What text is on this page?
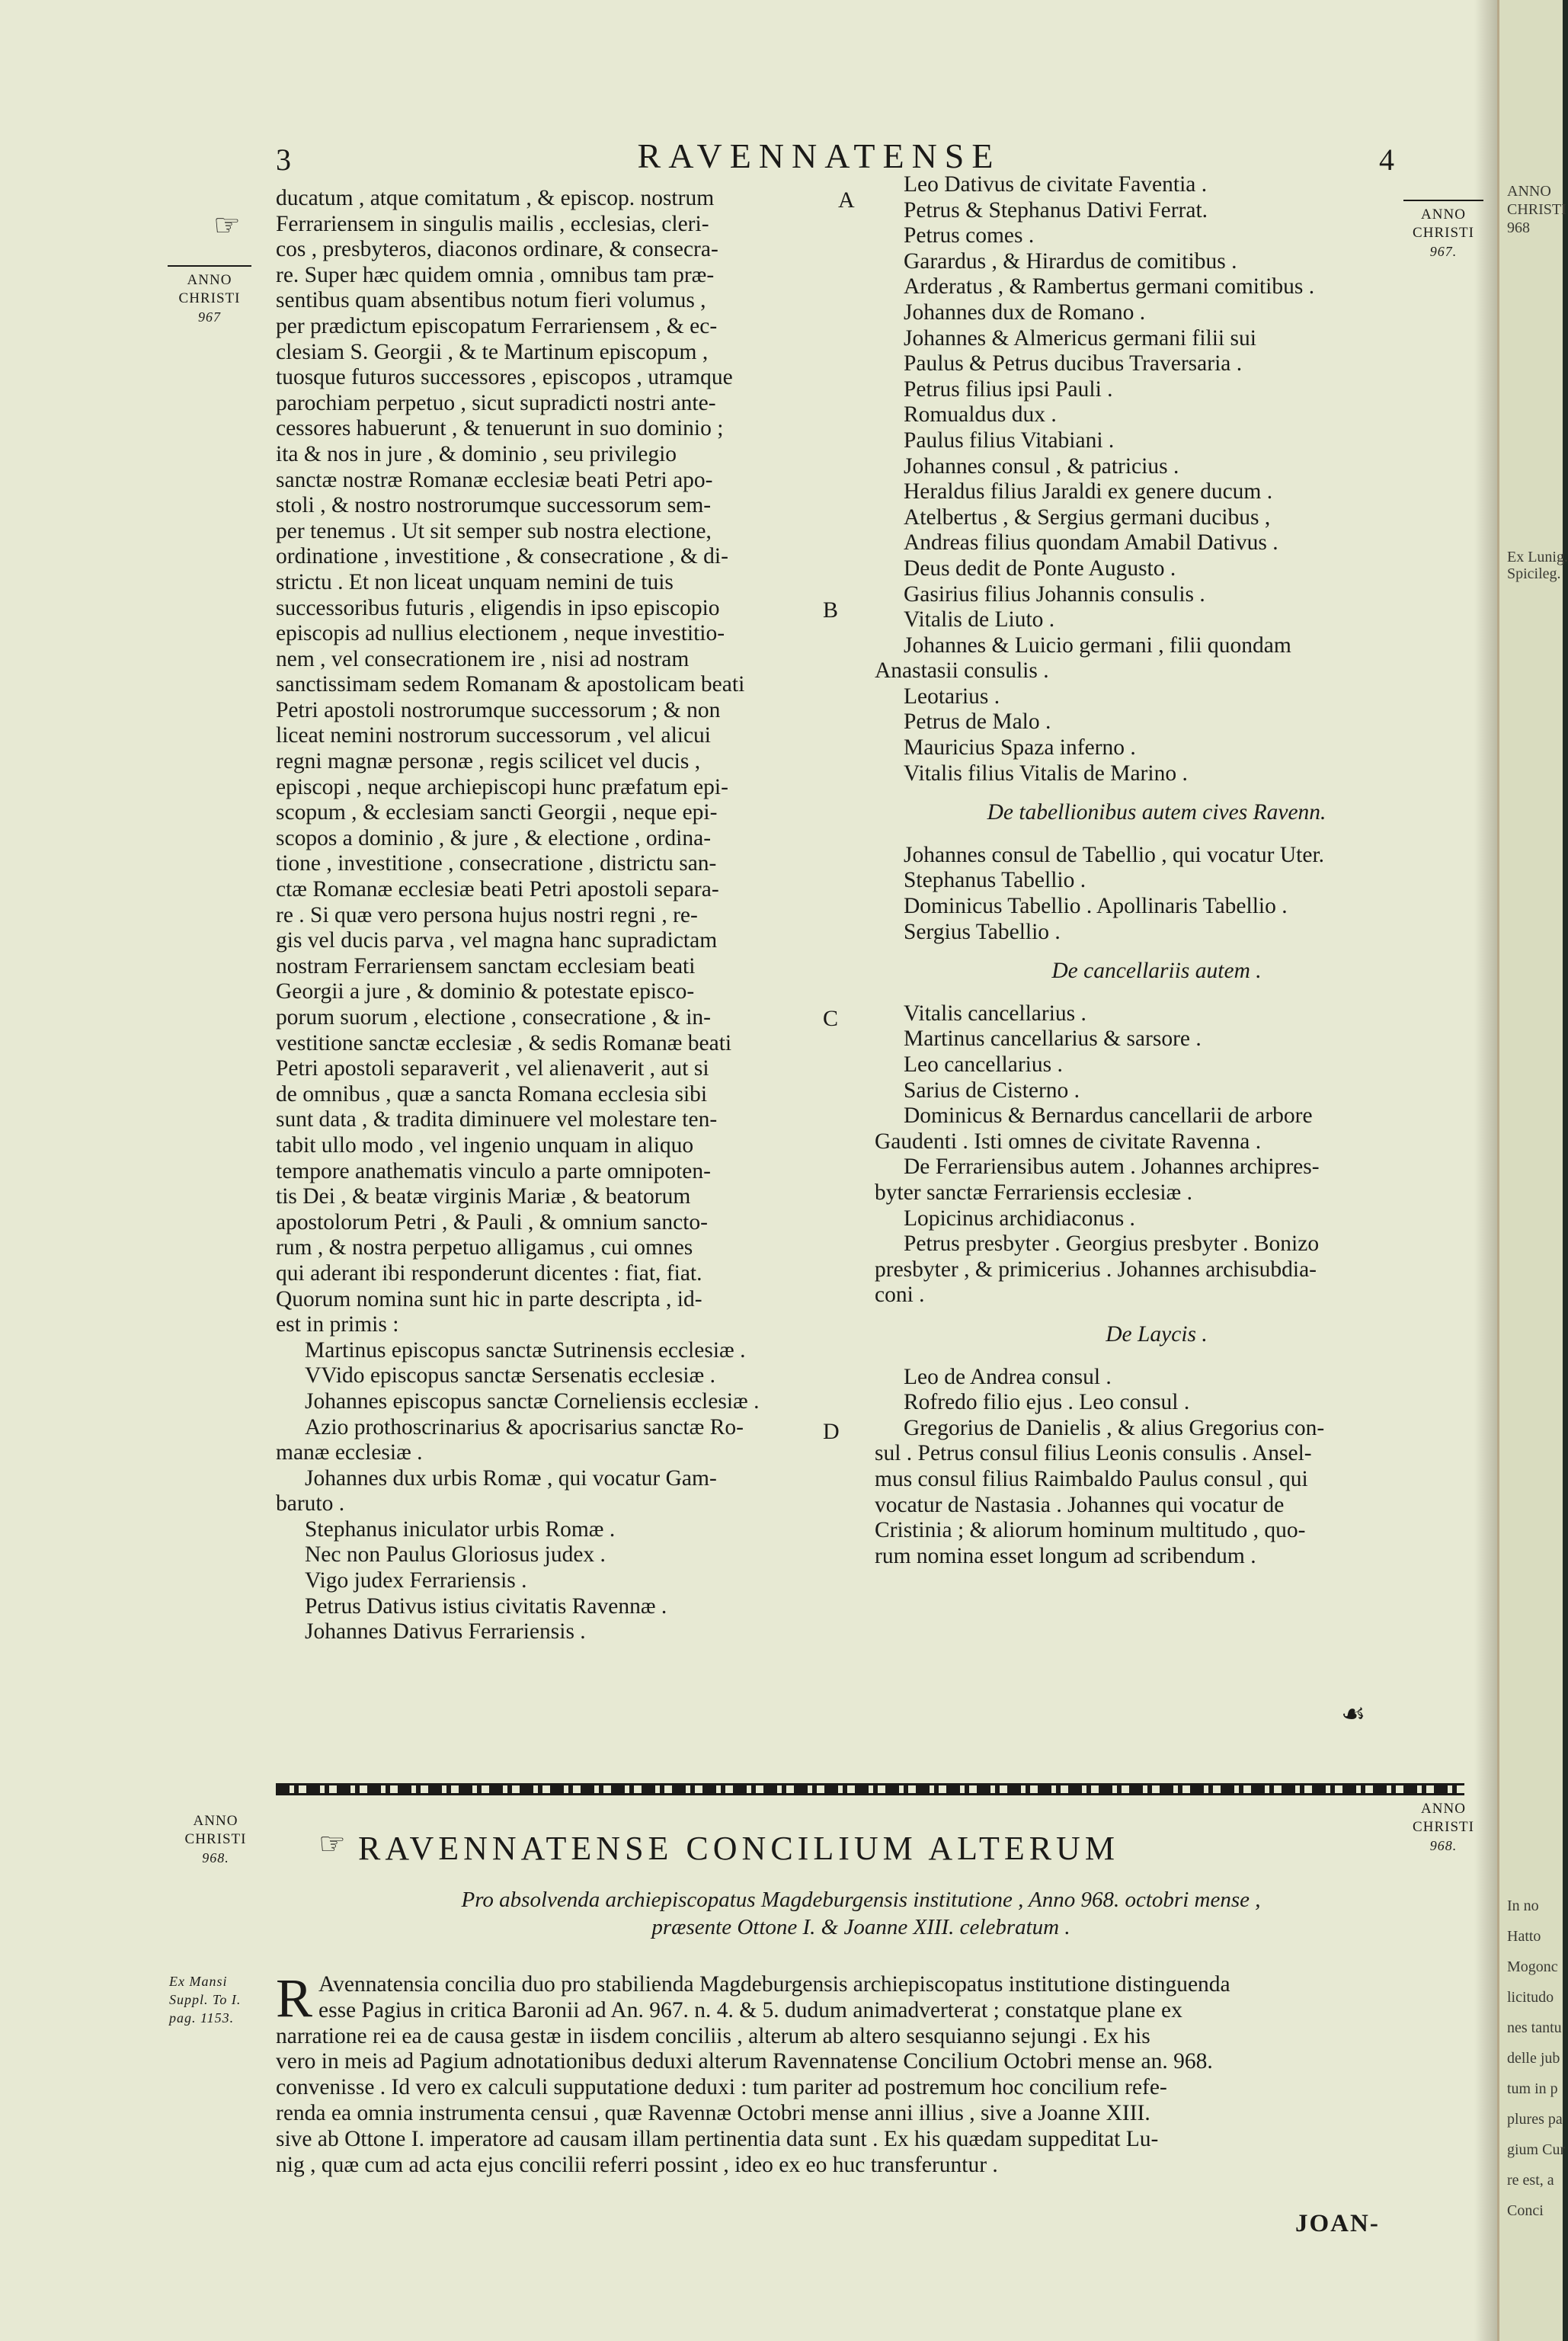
3	RAVENNATENSE	4
☞
☙
☞
ANNO
CHRISTI
967
ANNO
CHRISTI
967.

ducatum , atque comitatum , & episcop. nostrum

Ferrariensem in singulis mailis , ecclesias, cleri-

cos , presbyteros, diaconos ordinare, & consecra-

re. Super hæc quidem omnia , omnibus tam præ-

sentibus quam absentibus notum fieri volumus ,

per prædictum episcopatum Ferrariensem , & ec-

clesiam S. Georgii , & te Martinum episcopum ,

tuosque futuros successores , episcopos , utramque

parochiam perpetuo , sicut supradicti nostri ante-

cessores habuerunt , & tenuerunt in suo dominio ;

ita & nos in jure , & dominio , seu privilegio

sanctæ nostræ Romanæ ecclesiæ beati Petri apo-

stoli , & nostro nostrorumque successorum sem-

per tenemus . Ut sit semper sub nostra electione,

ordinatione , investitione , & consecratione , & di-

strictu . Et non liceat unquam nemini de tuis

successoribus futuris , eligendis in ipso episcopio

episcopis ad nullius electionem , neque investitio-

nem , vel consecrationem ire , nisi ad nostram

sanctissimam sedem Romanam & apostolicam beati

Petri apostoli nostrorumque successorum ; & non

liceat nemini nostrorum successorum , vel alicui

regni magnæ personæ , regis scilicet vel ducis ,

episcopi , neque archiepiscopi hunc præfatum epi-

scopum , & ecclesiam sancti Georgii , neque epi-

scopos a dominio , & jure , & electione , ordina-

tione , investitione , consecratione , districtu san-

ctæ Romanæ ecclesiæ beati Petri apostoli separa-

re . Si quæ vero persona hujus nostri regni , re-

gis vel ducis parva , vel magna hanc supradictam

nostram Ferrariensem sanctam ecclesiam beati

Georgii a jure , & dominio & potestate episco-

porum suorum , electione , consecratione , & in-

vestitione sanctæ ecclesiæ , & sedis Romanæ beati

Petri apostoli separaverit , vel alienaverit , aut si

de omnibus , quæ a sancta Romana ecclesia sibi

sunt data , & tradita diminuere vel molestare ten-

tabit ullo modo , vel ingenio unquam in aliquo

tempore anathematis vinculo a parte omnipoten-

tis Dei , & beatæ virginis Mariæ , & beatorum

apostolorum Petri , & Pauli , & omnium sancto-

rum , & nostra perpetuo alligamus , cui omnes

qui aderant ibi responderunt dicentes : fiat, fiat.

Quorum nomina sunt hic in parte descripta , id-

est in primis :

Martinus episcopus sanctæ Sutrinensis ecclesiæ .

VVido episcopus sanctæ Sersenatis ecclesiæ .

Johannes episcopus sanctæ Corneliensis ecclesiæ .

Azio prothoscrinarius & apocrisarius sanctæ Ro-

manæ ecclesiæ .

Johannes dux urbis Romæ , qui vocatur Gam-

baruto .

Stephanus iniculator urbis Romæ .

Nec non Paulus Gloriosus judex .

Vigo judex Ferrariensis .

Petrus Dativus istius civitatis Ravennæ .

Johannes Dativus Ferrariensis .

Leo Dativus de civitate Faventia .

Petrus & Stephanus Dativi Ferrat.

Petrus comes .

Garardus , & Hirardus de comitibus .

Arderatus , & Rambertus germani comitibus .

Johannes dux de Romano .

Johannes & Almericus germani filii sui

Paulus & Petrus ducibus Traversaria .

Petrus filius ipsi Pauli .

Romualdus dux .

Paulus filius Vitabiani .

Johannes consul , & patricius .

Heraldus filius Jaraldi ex genere ducum .

Atelbertus , & Sergius germani ducibus ,

Andreas filius quondam Amabil Dativus .

Deus dedit de Ponte Augusto .

Gasirius filius Johannis consulis .

Vitalis de Liuto .

Johannes & Luicio germani , filii quondam

Anastasii consulis .

Leotarius .

Petrus de Malo .

Mauricius Spaza inferno .

Vitalis filius Vitalis de Marino .

De tabellionibus autem cives Ravenn.

Johannes consul de Tabellio , qui vocatur Uter.

Stephanus Tabellio .

Dominicus Tabellio . Apollinaris Tabellio .

Sergius Tabellio .

De cancellariis autem .

Vitalis cancellarius .

Martinus cancellarius & sarsore .

Leo cancellarius .

Sarius de Cisterno .

Dominicus & Bernardus cancellarii de arbore

Gaudenti . Isti omnes de civitate Ravenna .

De Ferrariensibus autem . Johannes archipres-

byter sanctæ Ferrariensis ecclesiæ .

Lopicinus archidiaconus .

Petrus presbyter . Georgius presbyter . Bonizo

presbyter , & primicerius . Johannes archisubdia-

coni .

De Laycis .

Leo de Andrea consul .

Rofredo filio ejus . Leo consul .

Gregorius de Danielis , & alius Gregorius con-

sul . Petrus consul filius Leonis consulis . Ansel-

mus consul filius Raimbaldo Paulus consul , qui

vocatur de Nastasia . Johannes qui vocatur de

Cristinia ; & aliorum hominum multitudo , quo-

rum nomina esset longum ad scribendum .

A
B
C
D
ANNO
CHRISTI
968.
ANNO
CHRISTI
968.
RAVENNATENSE CONCILIUM ALTERUM
Pro absolvenda archiepiscopatus Magdeburgensis institutione , Anno 968. octobri mense ,
præsente Ottone I. & Joanne XIII. celebratum .
Ex Mansi
Suppl. To I.
pag. 1153. R Avennatensia concilia duo pro stabilienda Magdeburgensis archiepiscopatus institutione distinguenda

esse Pagius in critica Baronii ad An. 967. n. 4. & 5. dudum animadverterat ; constatque plane ex

narratione rei ea de causa gestæ in iisdem conciliis , alterum ab altero sesquianno sejungi . Ex his

vero in meis ad Pagium adnotationibus deduxi alterum Ravennatense Concilium Octobri mense an. 968.

convenisse . Id vero ex calculi supputatione deduxi : tum pariter ad postremum hoc concilium refe-

renda ea omnia instrumenta censui , quæ Ravennæ Octobri mense anni illius , sive a Joanne XIII.

sive ab Ottone I. imperatore ad causam illam pertinentia data sunt . Ex his quædam suppeditat Lu-

nig , quæ cum ad acta ejus concilii referri possint , ideo ex eo huc transferuntur .

JOAN-
ANNO
CHRISTI
968
Ex Lunig.
Spicileg.
In no
Hatto
Mogonc
licitudo
nes tantu
delle jub
tum in p
plures pa
gium Cur
re est, a
Conci
